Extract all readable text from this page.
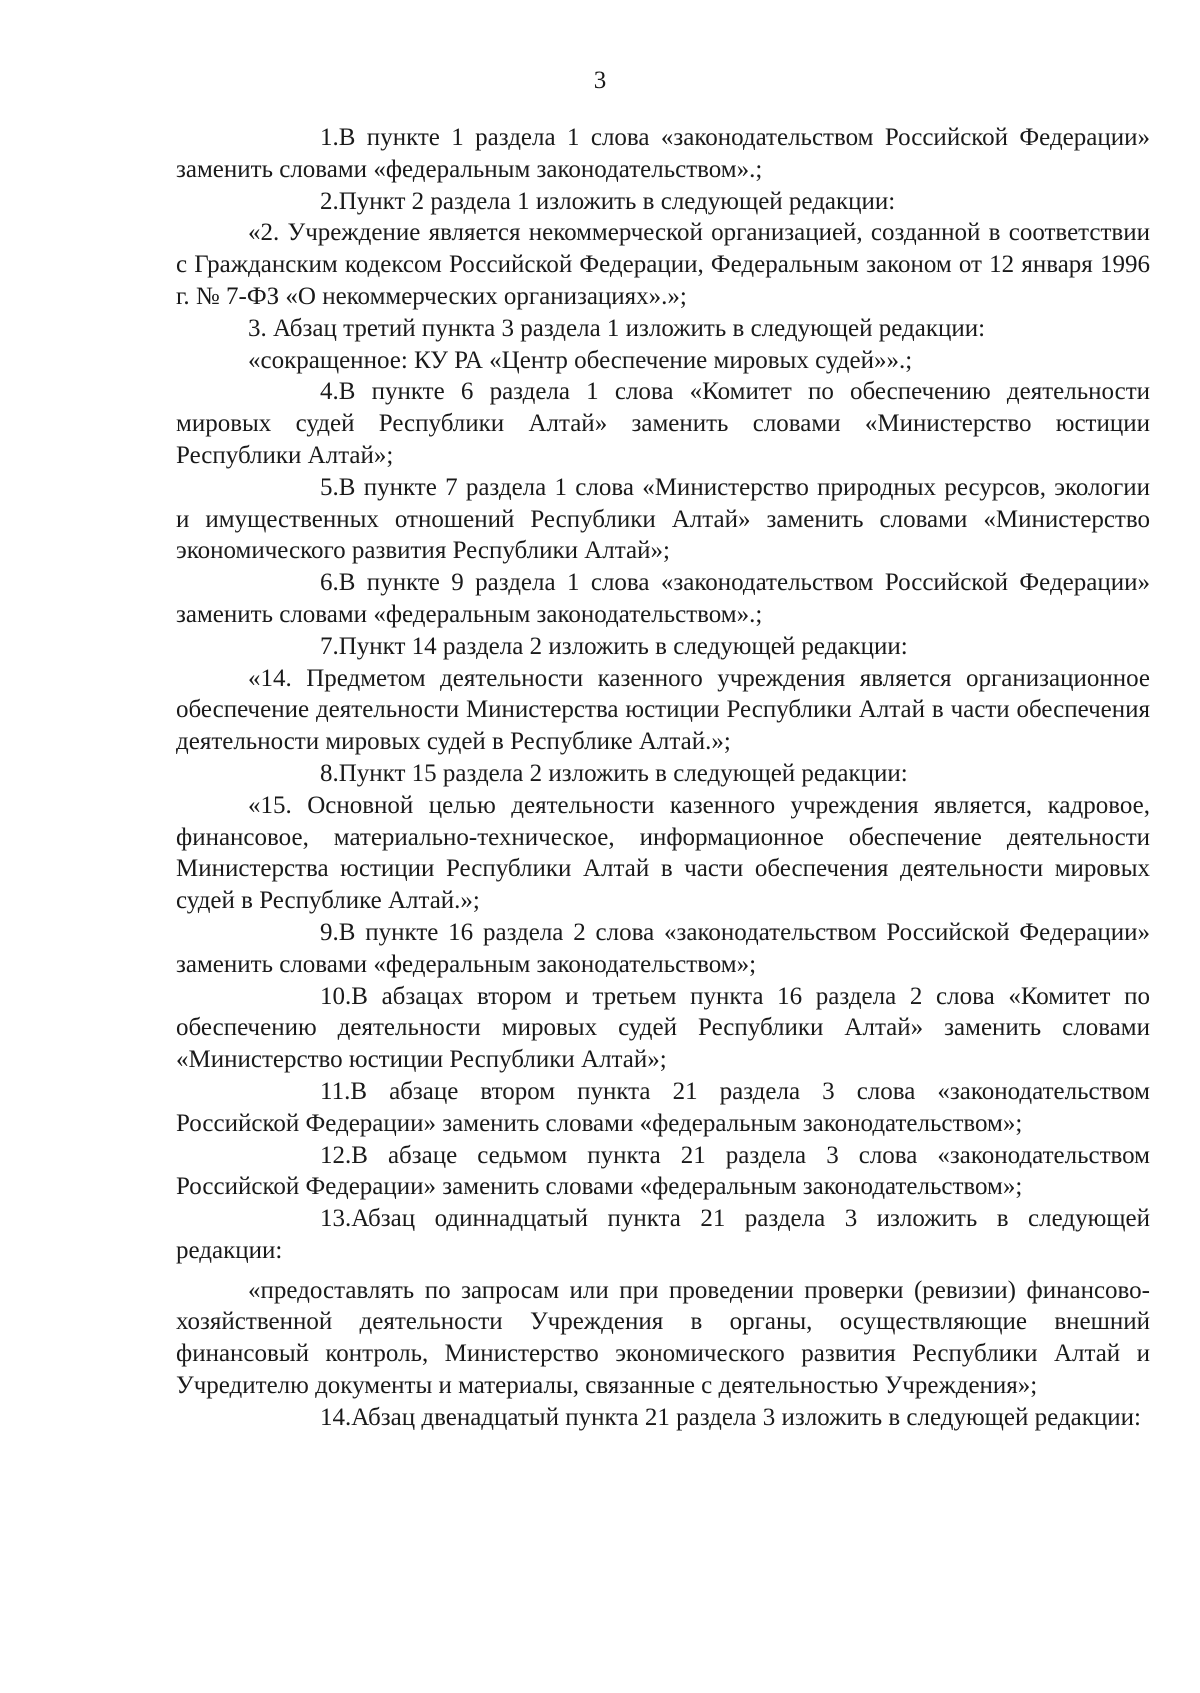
3

1.В пункте 1 раздела 1 слова «законодательством Российской Федерации» заменить словами «федеральным законодательством».;

2.Пункт 2 раздела 1 изложить в следующей редакции:

«2. Учреждение является некоммерческой организацией, созданной в соответствии с Гражданским кодексом Российской Федерации, Федеральным законом от 12 января 1996 г. № 7-ФЗ «О некоммерческих организациях».»;

3. Абзац третий пункта 3 раздела 1 изложить в следующей редакции:

«сокращенное: КУ РА «Центр обеспечение мировых судей»».;

4.В пункте 6 раздела 1 слова «Комитет по обеспечению деятельности мировых судей Республики Алтай» заменить словами «Министерство юстиции Республики Алтай»;

5.В пункте 7 раздела 1 слова «Министерство природных ресурсов, экологии и имущественных отношений Республики Алтай» заменить словами «Министерство экономического развития Республики Алтай»;

6.В пункте 9 раздела 1 слова «законодательством Российской Федерации» заменить словами «федеральным законодательством».;

7.Пункт 14 раздела 2 изложить в следующей редакции:

«14. Предметом деятельности казенного учреждения является организационное обеспечение деятельности Министерства юстиции Республики Алтай в части обеспечения деятельности мировых судей в Республике Алтай.»;

8.Пункт 15 раздела 2 изложить в следующей редакции:

«15. Основной целью деятельности казенного учреждения является, кадровое, финансовое, материально-техническое, информационное обеспечение деятельности Министерства юстиции Республики Алтай в части обеспечения деятельности мировых судей в Республике Алтай.»;

9.В пункте 16 раздела 2 слова «законодательством Российской Федерации» заменить словами «федеральным законодательством»;

10.В абзацах втором и третьем пункта 16 раздела 2 слова «Комитет по обеспечению деятельности мировых судей Республики Алтай» заменить словами «Министерство юстиции Республики Алтай»;

11.В абзаце втором пункта 21 раздела 3 слова «законодательством Российской Федерации» заменить словами «федеральным законодательством»;

12.В абзаце седьмом пункта 21 раздела 3 слова «законодательством Российской Федерации» заменить словами «федеральным законодательством»;

13.Абзац одиннадцатый пункта 21 раздела 3 изложить в следующей редакции:

«предоставлять по запросам или при проведении проверки (ревизии) финансово-хозяйственной деятельности Учреждения в органы, осуществляющие внешний финансовый контроль, Министерство экономического развития Республики Алтай и Учредителю документы и материалы, связанные с деятельностью Учреждения»;

14.Абзац двенадцатый пункта 21 раздела 3 изложить в следующей редакции:
